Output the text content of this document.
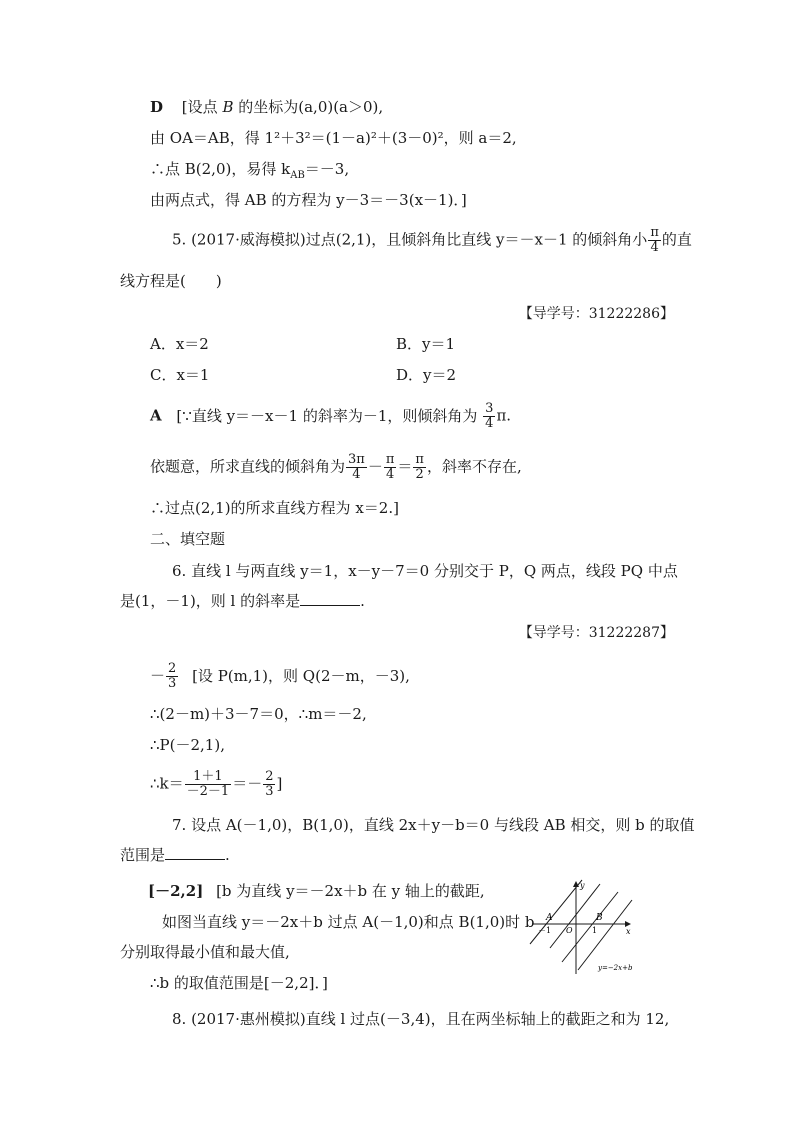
D [设点 B 的坐标为(a,0)(a＞0),
由 OA＝AB，得 1²＋3²＝(1－a)²＋(3－0)²，则 a＝2,
∴点 B(2,0)，易得 $k_{AB}=-3$,
由两点式，得 AB 的方程为 y－3＝－3(x－1)．]
5. (2017·威海模拟)过点(2,1)，且倾斜角比直线 y＝－x－1 的倾斜角小 $\frac{\pi}{4}$ 的直
线方程是(　　)
【导学号：31222286】
A．x＝2	B．y＝1
C．x＝1	D．y＝2
A [∵直线 y＝－x－1 的斜率为－1，则倾斜角为 $\frac{3}{4} \pi$.
依题意，所求直线的倾斜角为 $\frac{3\pi}{4} - \frac{\pi}{4} = \frac{\pi}{2}$ ，斜率不存在,
∴过点(2,1)的所求直线方程为 x＝2.]
二、填空题
6. 直线 l 与两直线 y＝1，x－y－7＝0 分别交于 P，Q 两点，线段 PQ 中点
是(1，－1)，则 l 的斜率是	.
【导学号：31222287】
－ $\frac{2}{3}$ [设 P(m,1)，则 Q(2－m，－3),
∴(2－m)＋3－7＝0，∴m＝－2,
∴P(－2,1),
∴k＝ $\frac{1+1}{-2-1} =- \frac{2}{3}$ ]
7. 设点 A(－1,0)，B(1,0)，直线 2x＋y－b＝0 与线段 AB 相交，则 b 的取值
范围是	.
[－2,2] [b 为直线 y＝－2x＋b 在 y 轴上的截距,
如图当直线 y＝－2x＋b 过点 A(－1,0)和点 B(1,0)时 b
分别取得最小值和最大值,
∴b 的取值范围是[－2,2]．]
y
x
A	B
O
－1	1
y=−2x+b
8. (2017·惠州模拟)直线 l 过点(－3,4)，且在两坐标轴上的截距之和为 12,
